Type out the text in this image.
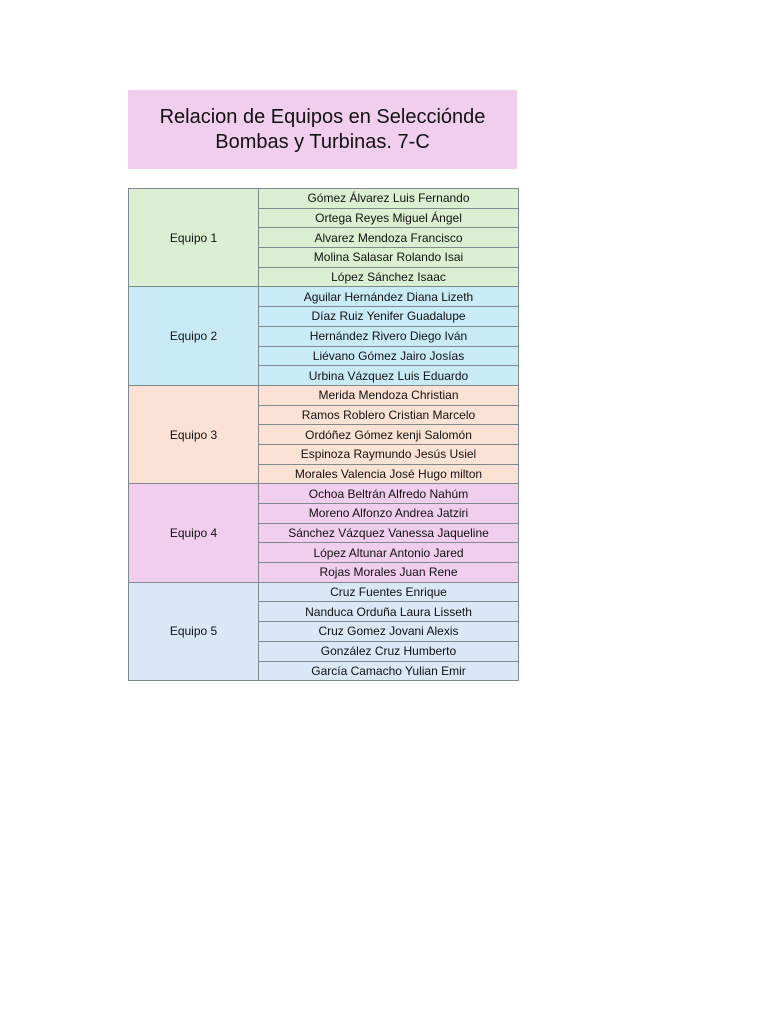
Relacion de Equipos en Selecciónde
Bombas y Turbinas. 7-C
Equipo 1	Gómez Álvarez Luis Fernando
	Ortega Reyes Miguel Ángel
	Alvarez Mendoza Francisco
	Molina Salasar Rolando Isai
	López Sánchez Isaac
Equipo 2	Aguilar Hernández Diana Lizeth
	Díaz Ruiz Yenifer Guadalupe
	Hernández Rivero Diego Iván
	Liévano Gómez Jairo Josías
	Urbina Vázquez Luis Eduardo
Equipo 3	Merida Mendoza Christian
	Ramos Roblero Cristian Marcelo
	Ordóñez Gómez kenji Salomón
	Espinoza Raymundo Jesús Usiel
	Morales Valencia José Hugo milton
Equipo 4	Ochoa Beltrán Alfredo Nahúm
	Moreno Alfonzo Andrea Jatziri
	Sánchez Vázquez Vanessa Jaqueline
	López Altunar Antonio Jared
	Rojas Morales Juan Rene
Equipo 5	Cruz Fuentes Enrique
	Nanduca Orduña Laura Lisseth
	Cruz Gomez Jovani Alexis
	González Cruz Humberto
	García Camacho Yulian Emir
